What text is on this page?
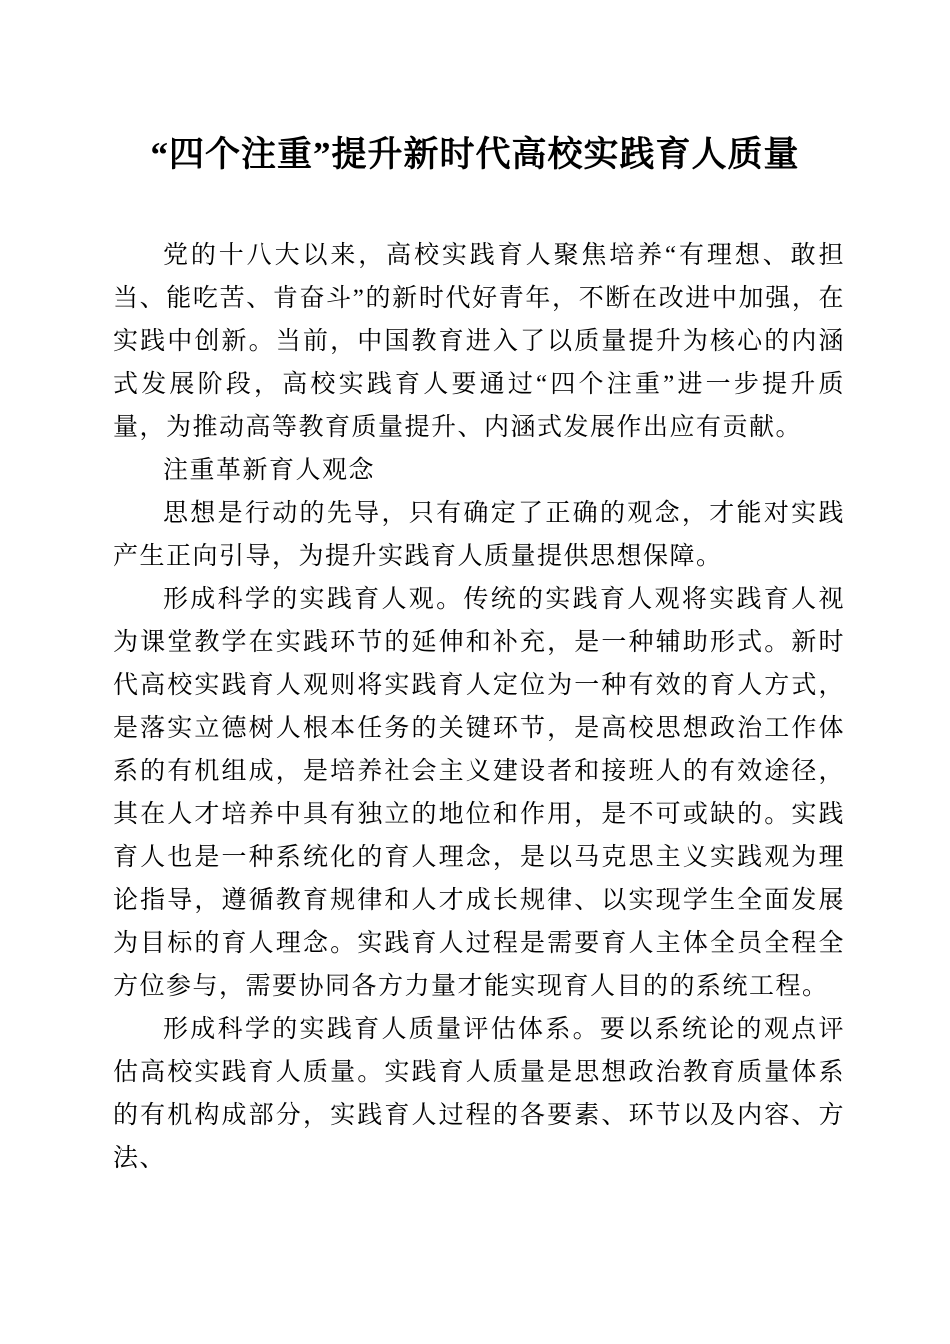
“四个注重”提升新时代高校实践育人质量

党的十八大以来，高校实践育人聚焦培养“有理想、敢担当、能吃苦、肯奋斗”的新时代好青年，不断在改进中加强，在实践中创新。当前，中国教育进入了以质量提升为核心的内涵式发展阶段，高校实践育人要通过“四个注重”进一步提升质量，为推动高等教育质量提升、内涵式发展作出应有贡献。

注重革新育人观念

思想是行动的先导，只有确定了正确的观念，才能对实践产生正向引导，为提升实践育人质量提供思想保障。

形成科学的实践育人观。传统的实践育人观将实践育人视为课堂教学在实践环节的延伸和补充，是一种辅助形式。新时代高校实践育人观则将实践育人定位为一种有效的育人方式，是落实立德树人根本任务的关键环节，是高校思想政治工作体系的有机组成，是培养社会主义建设者和接班人的有效途径，其在人才培养中具有独立的地位和作用，是不可或缺的。实践育人也是一种系统化的育人理念，是以马克思主义实践观为理论指导，遵循教育规律和人才成长规律、以实现学生全面发展为目标的育人理念。实践育人过程是需要育人主体全员全程全方位参与，需要协同各方力量才能实现育人目的的系统工程。

形成科学的实践育人质量评估体系。要以系统论的观点评估高校实践育人质量。实践育人质量是思想政治教育质量体系的有机构成部分，实践育人过程的各要素、环节以及内容、方法、
